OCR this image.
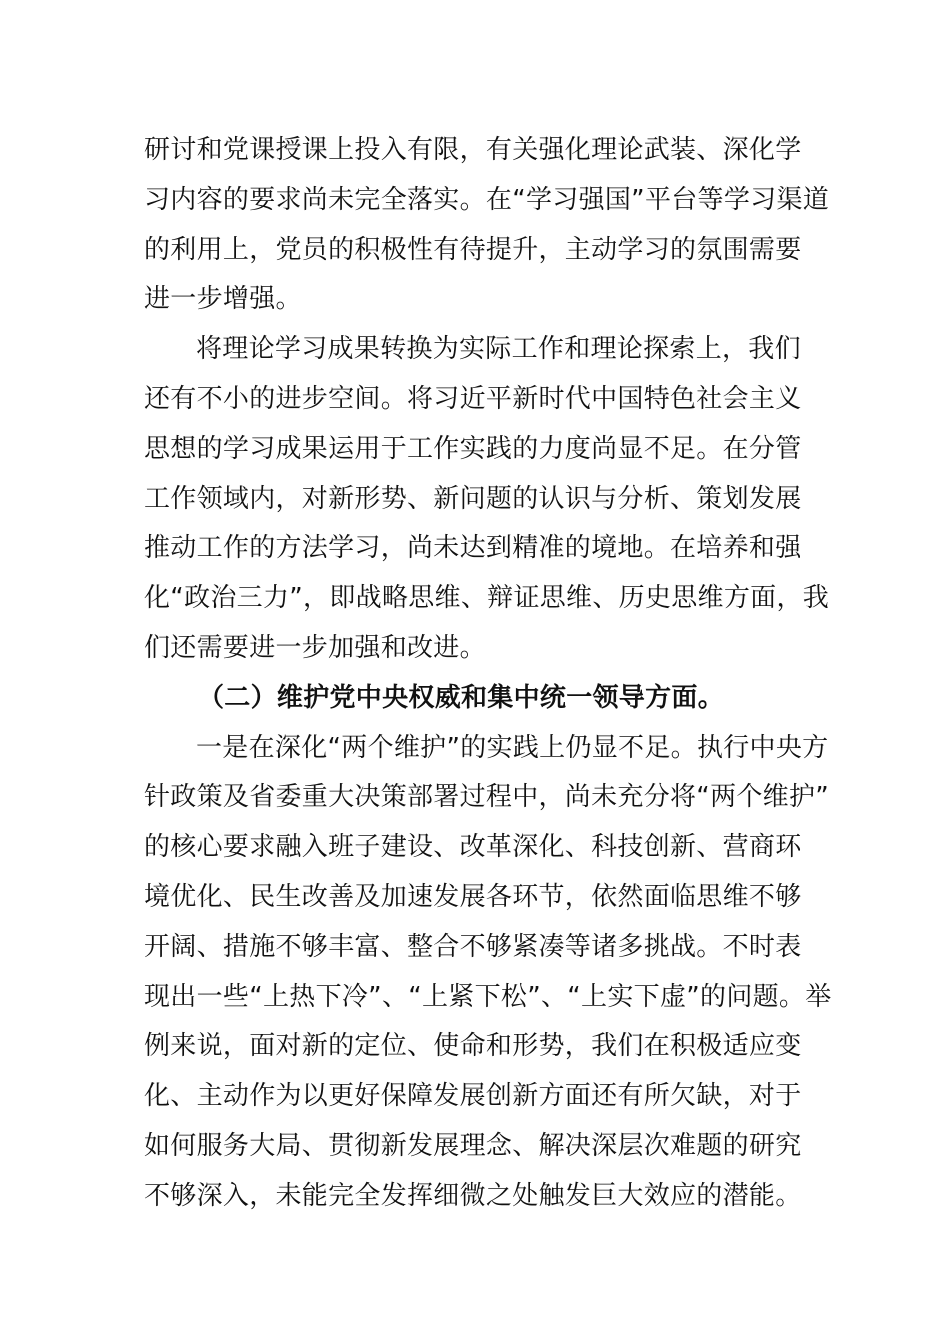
研讨和党课授课上投入有限，有关强化理论武装、深化学
习内容的要求尚未完全落实。在“学习强国”平台等学习渠道
的利用上，党员的积极性有待提升，主动学习的氛围需要
进一步增强。
将理论学习成果转换为实际工作和理论探索上，我们
还有不小的进步空间。将习近平新时代中国特色社会主义
思想的学习成果运用于工作实践的力度尚显不足。在分管
工作领域内，对新形势、新问题的认识与分析、策划发展
推动工作的方法学习，尚未达到精准的境地。在培养和强
化“政治三力”，即战略思维、辩证思维、历史思维方面，我
们还需要进一步加强和改进。
（二）维护党中央权威和集中统一领导方面。
一是在深化“两个维护”的实践上仍显不足。执行中央方
针政策及省委重大决策部署过程中，尚未充分将“两个维护”
的核心要求融入班子建设、改革深化、科技创新、营商环
境优化、民生改善及加速发展各环节，依然面临思维不够
开阔、措施不够丰富、整合不够紧凑等诸多挑战。不时表
现出一些“上热下冷”、“上紧下松”、“上实下虚”的问题。举
例来说，面对新的定位、使命和形势，我们在积极适应变
化、主动作为以更好保障发展创新方面还有所欠缺，对于
如何服务大局、贯彻新发展理念、解决深层次难题的研究
不够深入，未能完全发挥细微之处触发巨大效应的潜能。
